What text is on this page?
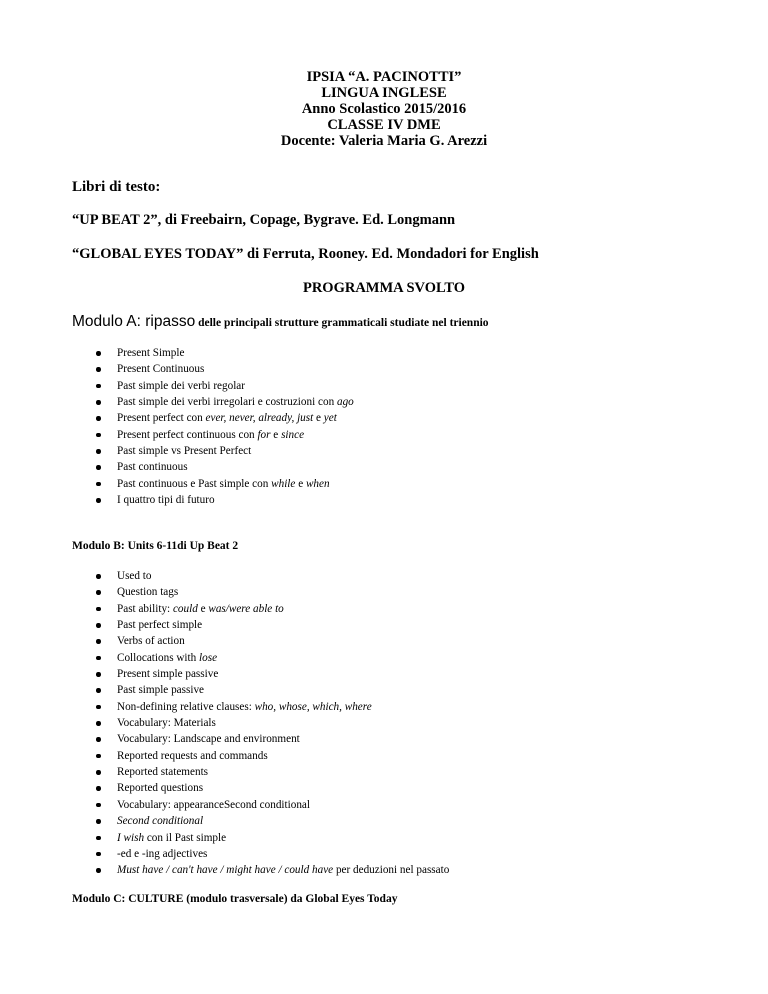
IPSIA “A. PACINOTTI”
LINGUA INGLESE
Anno Scolastico 2015/2016
CLASSE IV DME
Docente: Valeria Maria G. Arezzi
Libri di testo:
“UP BEAT 2”, di Freebairn, Copage, Bygrave. Ed. Longmann
“GLOBAL EYES TODAY” di Ferruta, Rooney. Ed. Mondadori for English
PROGRAMMA SVOLTO
Modulo A: ripasso delle principali strutture grammaticali studiate nel triennio
Present Simple
Present Continuous
Past simple dei verbi regolar
Past simple dei verbi irregolari e costruzioni con ago
Present perfect con ever, never, already, just e yet
Present perfect continuous con for e since
Past simple vs Present Perfect
Past continuous
Past continuous e Past simple con while e when
I quattro tipi di futuro
Modulo B: Units 6-11di Up Beat 2
Used to
Question tags
Past ability: could e was/were able to
Past perfect simple
Verbs of action
Collocations with lose
Present simple passive
Past simple passive
Non-defining relative clauses: who, whose, which, where
Vocabulary: Materials
Vocabulary: Landscape and environment
Reported requests and commands
Reported statements
Reported questions
Vocabulary: appearanceSecond conditional
Second conditional
I wish con il Past simple
-ed e -ing adjectives
Must have / can't have / might have / could have per deduzioni nel passato
Modulo C: CULTURE (modulo trasversale) da Global Eyes Today
